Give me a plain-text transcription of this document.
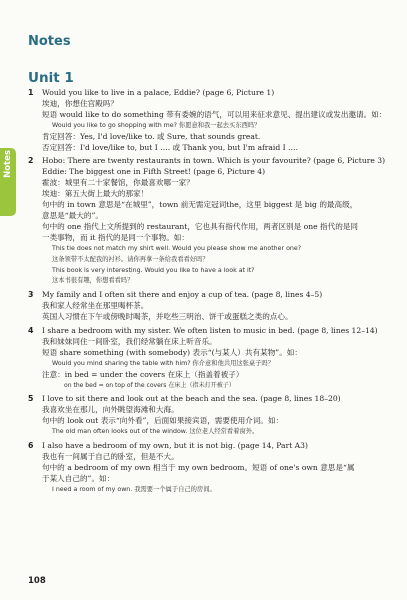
Notes
Unit 1
Notes
1 Would you like to live in a palace, Eddie? (page 6, Picture 1)
埃迪，你想住宫殿吗？
短语 would like to do something 带有委婉的语气，可以用来征求意见、提出建议或发出邀请。如：
Would you like to go shopping with me? 你愿意和我一起去买东西吗？
肯定回答：Yes, I'd love/like to. 或 Sure, that sounds great.
否定回答：I'd love/like to, but I …. 或 Thank you, but I'm afraid I ….
2 Hobo: There are twenty restaurants in town. Which is your favourite? (page 6, Picture 3)
Eddie: The biggest one in Fifth Street! (page 6, Picture 4)
霍波：城里有二十家餐馆，你最喜欢哪一家？
埃迪：第五大街上最大的那家！
句中的 in town 意思是“在城里”，town 前无需定冠词the，这里 biggest 是 big 的最高级，
意思是“最大的”。
句中的 one 指代上文所提到的 restaurant，它也具有指代作用，两者区别是 one 指代的是同
一类事物，而 it 指代的是同一个事物。如：
This tie does not match my shirt well. Would you please show me another one?
这条领带不太配我的衬衫。请你再拿一条给我看看好吗？
This book is very interesting. Would you like to have a look at it?
这本书很有趣，你想看看吗？
3 My family and I often sit there and enjoy a cup of tea. (page 8, lines 4–5)
我和家人经常坐在那里喝杯茶。
英国人习惯在下午或傍晚时喝茶，并吃些三明治、饼干或蛋糕之类的点心。
4 I share a bedroom with my sister. We often listen to music in bed. (page 8, lines 12–14)
我和妹妹同住一间卧室，我们经常躺在床上听音乐。
短语 share something (with somebody) 表示“(与某人）共有某物”。如：
Would you mind sharing the table with him? 你介意和他共用这张桌子吗？
注意：in bed = under the covers 在床上（指盖着被子）
on the bed = on top of the covers 在床上（指未打开被子）
5 I love to sit there and look out at the beach and the sea. (page 8, lines 18–20)
我喜欢坐在那儿，向外眺望海滩和大海。
句中的 look out 表示“向外看”，后面如果接宾语，需要使用介词。如：
The old man often looks out of the window. 这位老人经常看着窗外。
6 I also have a bedroom of my own, but it is not big. (page 14, Part A3)
我也有一间属于自己的卧室，但是不大。
句中的 a bedroom of my own 相当于 my own bedroom。短语 of one's own 意思是“属
于某人自己的”。如：
I need a room of my own. 我需要一个属于自己的房间。
108
